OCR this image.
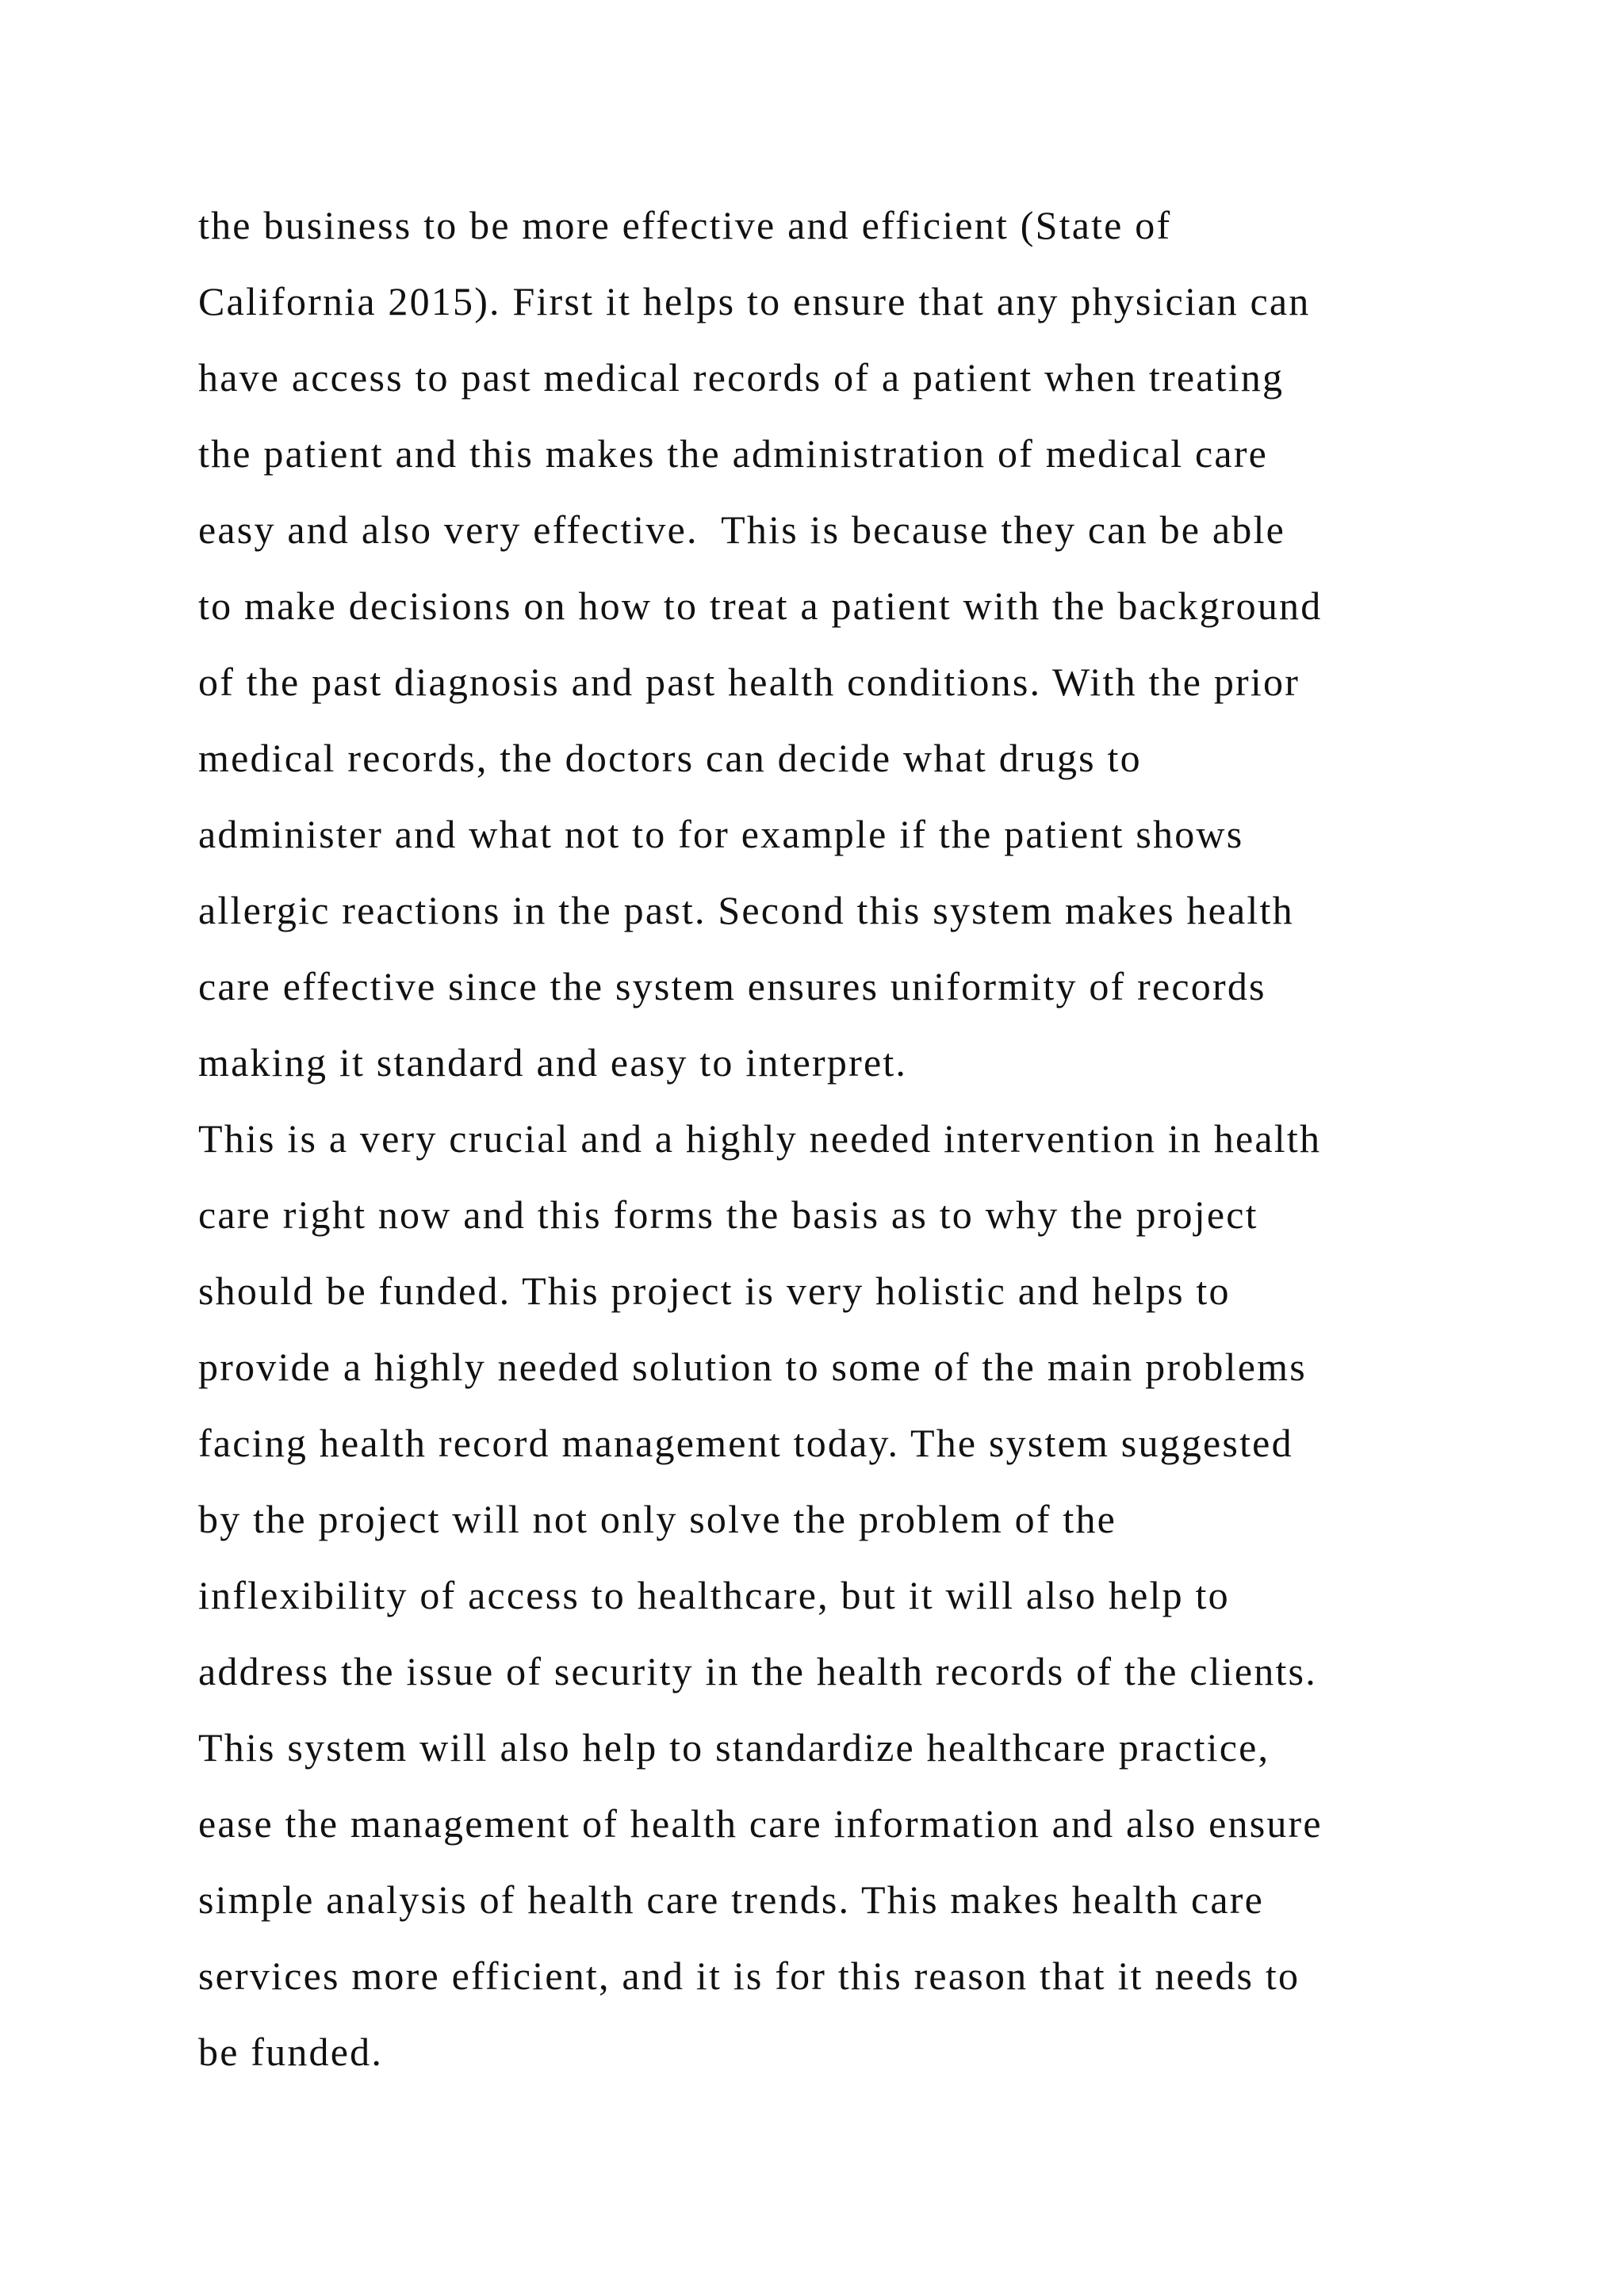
the business to be more effective and efficient (State of
California 2015). First it helps to ensure that any physician can
have access to past medical records of a patient when treating
the patient and this makes the administration of medical care
easy and also very effective.  This is because they can be able
to make decisions on how to treat a patient with the background
of the past diagnosis and past health conditions. With the prior
medical records, the doctors can decide what drugs to
administer and what not to for example if the patient shows
allergic reactions in the past. Second this system makes health
care effective since the system ensures uniformity of records
making it standard and easy to interpret.
This is a very crucial and a highly needed intervention in health
care right now and this forms the basis as to why the project
should be funded. This project is very holistic and helps to
provide a highly needed solution to some of the main problems
facing health record management today. The system suggested
by the project will not only solve the problem of the
inflexibility of access to healthcare, but it will also help to
address the issue of security in the health records of the clients.
This system will also help to standardize healthcare practice,
ease the management of health care information and also ensure
simple analysis of health care trends. This makes health care
services more efficient, and it is for this reason that it needs to
be funded.
